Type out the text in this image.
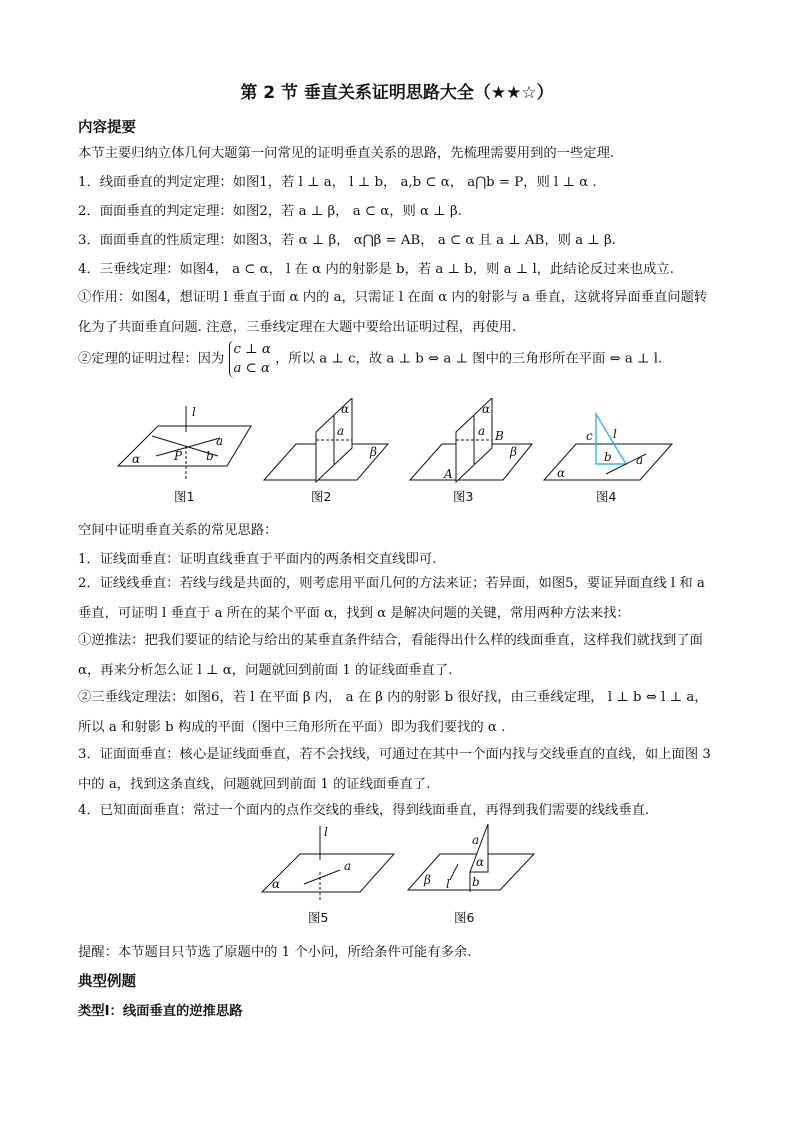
第 2 节 垂直关系证明思路大全（★★☆）
内容提要
本节主要归纳立体几何大题第一问常见的证明垂直关系的思路，先梳理需要用到的一些定理.
1．线面垂直的判定定理：如图1，若 l ⊥ a， l ⊥ b， a,b ⊂ α， a⋂b = P，则 l ⊥ α .
2．面面垂直的判定定理：如图2，若 a ⊥ β， a ⊂ α，则 α ⊥ β.
3．面面垂直的性质定理：如图3，若 α ⊥ β， α⋂β = AB， a ⊂ α 且 a ⊥ AB，则 a ⊥ β.
4．三垂线定理：如图4， a ⊂ α， l 在 α 内的射影是 b，若 a ⊥ b，则 a ⊥ l，此结论反过来也成立.
①作用：如图4，想证明 l 垂直于面 α 内的 a，只需证 l 在面 α 内的射影与 a 垂直，这就将异面垂直问题转化为了共面垂直问题. 注意，三垂线定理在大题中要给出证明过程，再使用.
②定理的证明过程：因为
c ⊥ α
a ⊂ α
，所以 a ⊥ c，故 a ⊥ b ⇔ a ⊥ 图中的三角形所在平面 ⇔ a ⊥ l.
l
a
b
α	P
图1
α
a
β
图2
α
a B
A
β
图3
c l
b a
α
图4
空间中证明垂直关系的常见思路：
1．证线面垂直：证明直线垂直于平面内的两条相交直线即可.
2．证线线垂直：若线与线是共面的，则考虑用平面几何的方法来证；若异面，如图5，要证异面直线 l 和 a 垂直，可证明 l 垂直于 a 所在的某个平面 α，找到 α 是解决问题的关键，常用两种方法来找：
①逆推法：把我们要证的结论与给出的某垂直条件结合，看能得出什么样的线面垂直，这样我们就找到了面 α，再来分析怎么证 l ⊥ α，问题就回到前面 1 的证线面垂直了.
②三垂线定理法：如图6，若 l 在平面 β 内， a 在 β 内的射影 b 很好找，由三垂线定理， l ⊥ b ⇔ l ⊥ a，所以 a 和射影 b 构成的平面（图中三角形所在平面）即为我们要找的 α .
3．证面面垂直：核心是证线面垂直，若不会找线，可通过在其中一个面内找与交线垂直的直线，如上面图 3 中的 a，找到这条直线，问题就回到前面 1 的证线面垂直了.
4．已知面面垂直：常过一个面内的点作交线的垂线，得到线面垂直，再得到我们需要的线线垂直.
l
a
α
图5
a
α
β l b
图6
提醒：本节题目只节选了原题中的 1 个小问，所给条件可能有多余.
典型例题
类型Ⅰ：线面垂直的逆推思路
